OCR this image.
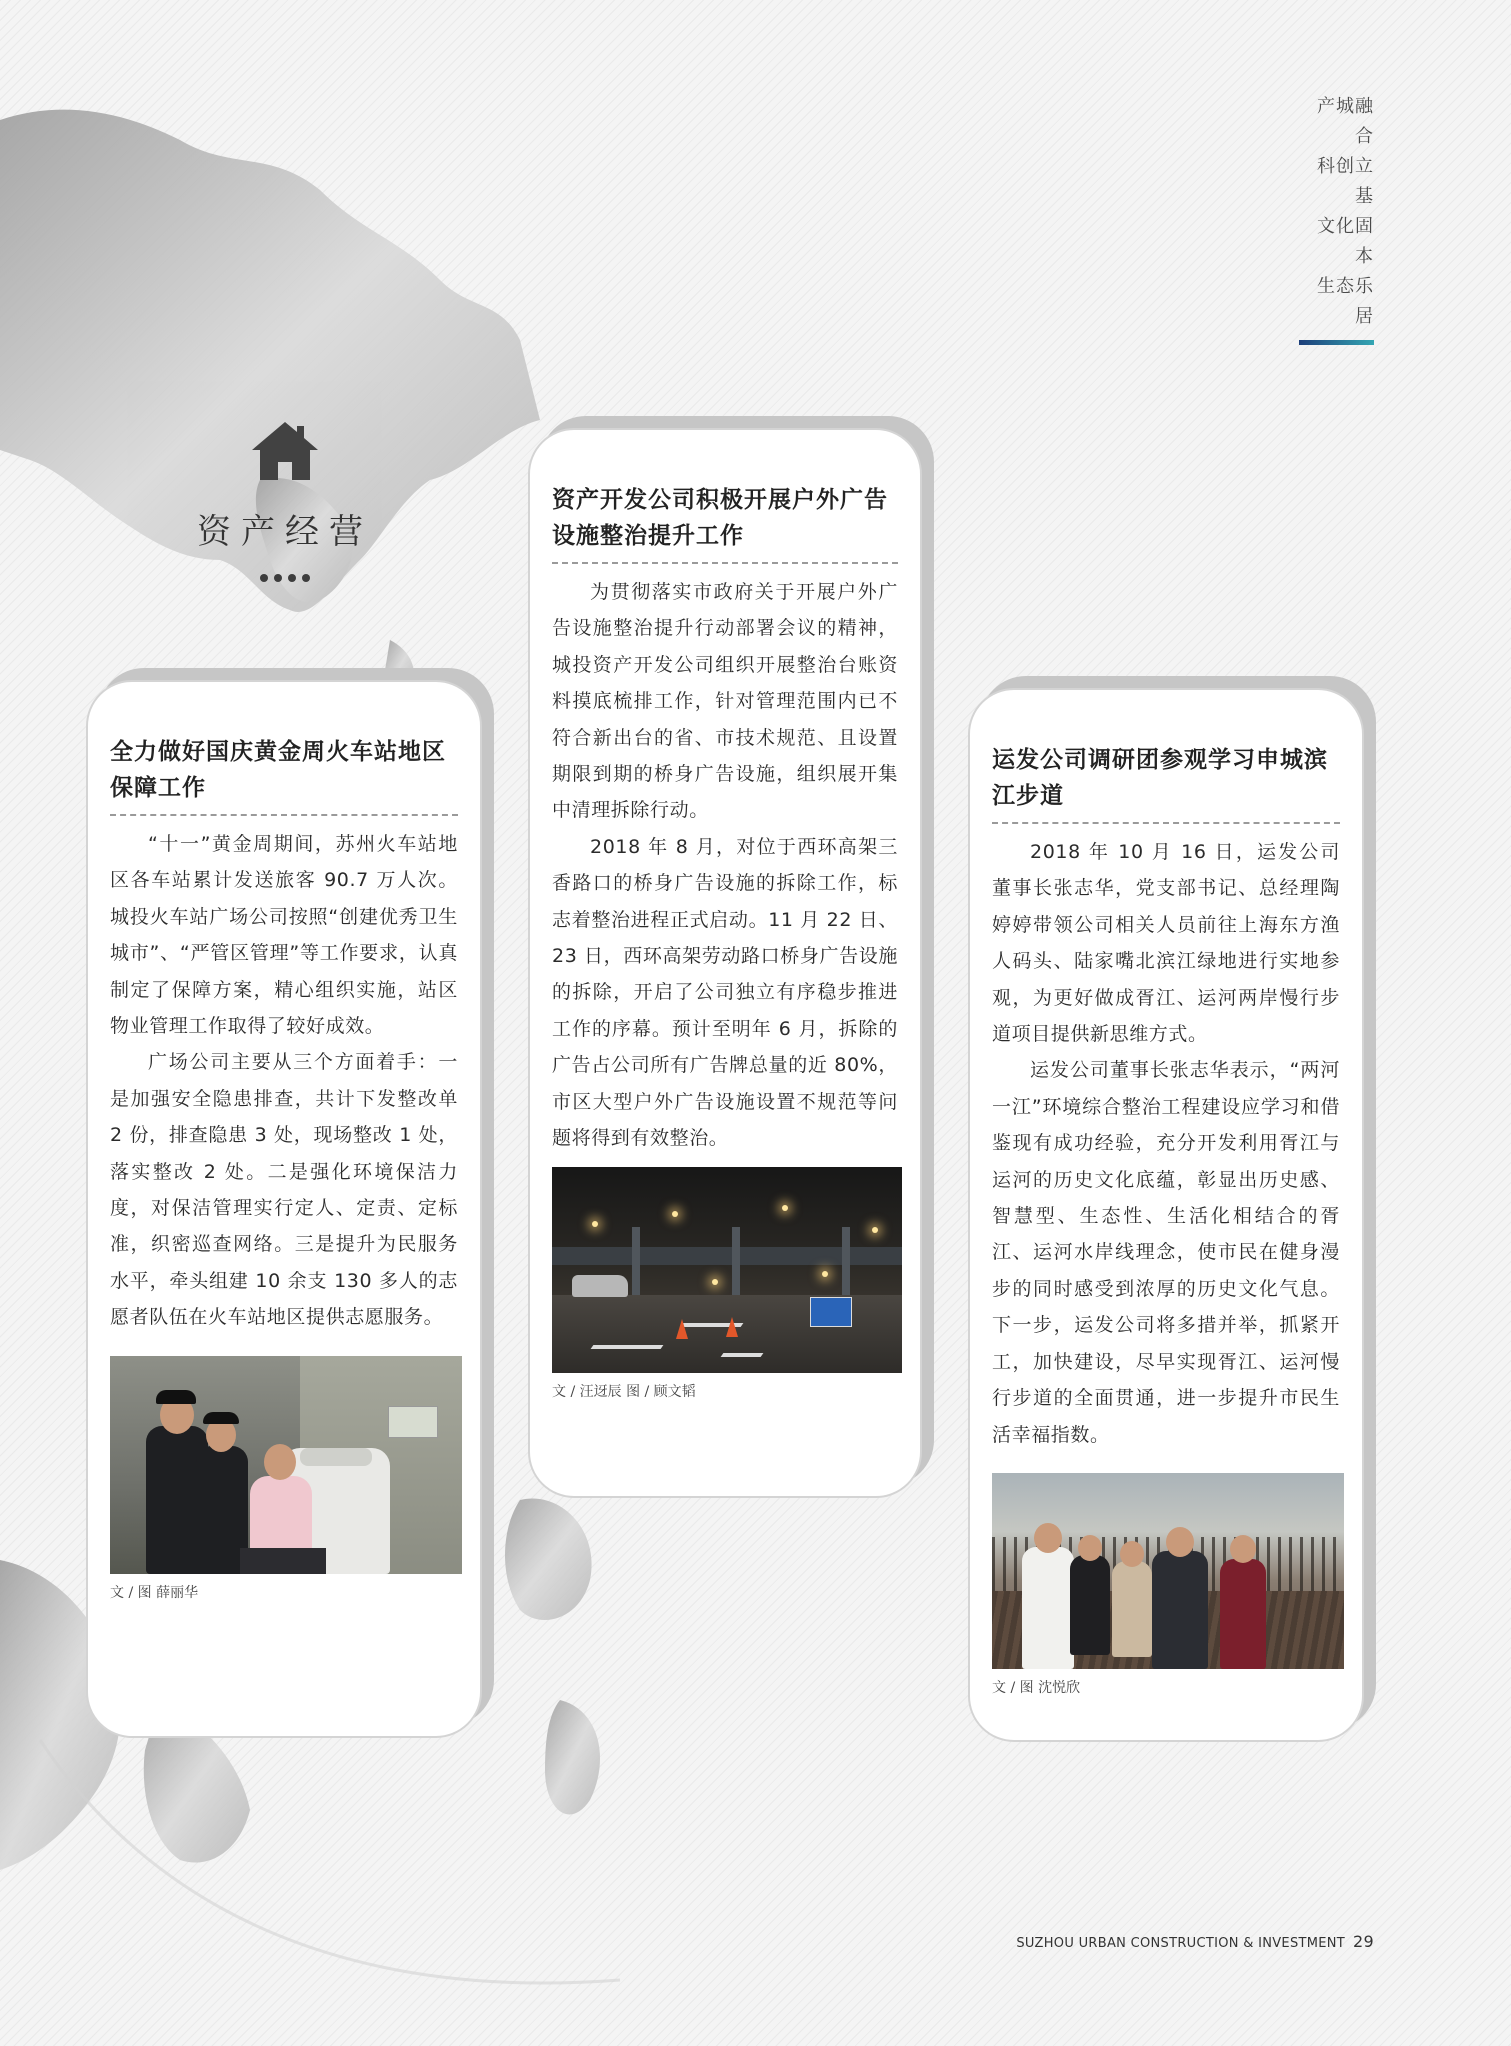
产城融合
科创立基
文化固本
生态乐居
资产经营
全力做好国庆黄金周火车站地区保障工作

“十一”黄金周期间，苏州火车站地区各车站累计发送旅客 90.7 万人次。城投火车站广场公司按照“创建优秀卫生城市”、“严管区管理”等工作要求，认真制定了保障方案，精心组织实施，站区物业管理工作取得了较好成效。

广场公司主要从三个方面着手：一是加强安全隐患排查，共计下发整改单 2 份，排查隐患 3 处，现场整改 1 处，落实整改 2 处。二是强化环境保洁力度，对保洁管理实行定人、定责、定标准，织密巡查网络。三是提升为民服务水平，牵头组建 10 余支 130 多人的志愿者队伍在火车站地区提供志愿服务。

文 / 图 薛丽华
资产开发公司积极开展户外广告设施整治提升工作

为贯彻落实市政府关于开展户外广告设施整治提升行动部署会议的精神，城投资产开发公司组织开展整治台账资料摸底梳排工作，针对管理范围内已不符合新出台的省、市技术规范、且设置期限到期的桥身广告设施，组织展开集中清理拆除行动。

2018 年 8 月，对位于西环高架三香路口的桥身广告设施的拆除工作，标志着整治进程正式启动。11 月 22 日、23 日，西环高架劳动路口桥身广告设施的拆除，开启了公司独立有序稳步推进工作的序幕。预计至明年 6 月，拆除的广告占公司所有广告牌总量的近 80%，市区大型户外广告设施设置不规范等问题将得到有效整治。

文 / 汪迓辰 图 / 顾文韬
运发公司调研团参观学习申城滨江步道

2018 年 10 月 16 日，运发公司董事长张志华，党支部书记、总经理陶婷婷带领公司相关人员前往上海东方渔人码头、陆家嘴北滨江绿地进行实地参观，为更好做成胥江、运河两岸慢行步道项目提供新思维方式。

运发公司董事长张志华表示，“两河一江”环境综合整治工程建设应学习和借鉴现有成功经验，充分开发利用胥江与运河的历史文化底蕴，彰显出历史感、智慧型、生态性、生活化相结合的胥江、运河水岸线理念，使市民在健身漫步的同时感受到浓厚的历史文化气息。下一步，运发公司将多措并举，抓紧开工，加快建设，尽早实现胥江、运河慢行步道的全面贯通，进一步提升市民生活幸福指数。

文 / 图 沈悦欣
SUZHOU URBAN CONSTRUCTION & INVESTMENT 29
